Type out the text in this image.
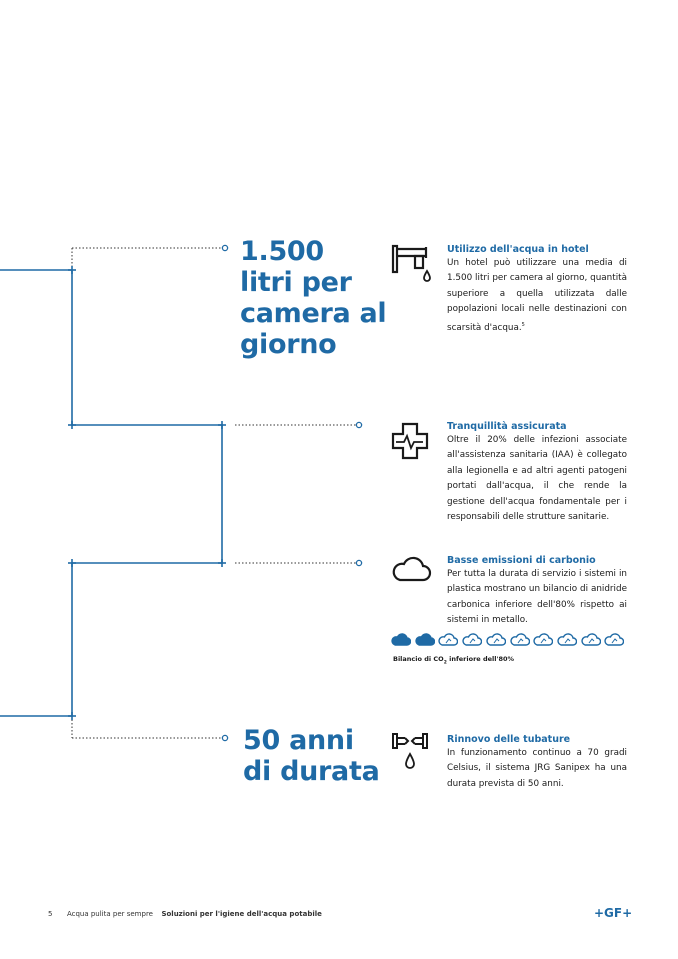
1.500
litri per
camera al
giorno
50 anni
di durata
Utilizzo dell'acqua in hotel
Un hotel può utilizzare una media di 1.500 litri per camera al giorno, quantità superiore a quella utilizzata dalle popolazioni locali nelle destinazioni con scarsità d'acqua.$^5$
Tranquillità assicurata
Oltre il 20% delle infezioni associate all'assistenza sanitaria (IAA) è collegato alla legionella e ad altri agenti patogeni portati dall'acqua, il che rende la gestione dell'acqua fondamentale per i responsabili delle strutture sanitarie.
Basse emissioni di carbonio
Per tutta la durata di servizio i sistemi in plastica mostrano un bilancio di anidride carbonica inferiore dell'80% rispetto ai sistemi in metallo.
Bilancio di $CO_2$ inferiore dell'80%
Rinnovo delle tubature
In funzionamento continuo a 70 gradi Celsius, il sistema JRG Sanipex ha una durata prevista di 50 anni.
5 Acqua pulita per sempre Soluzioni per l'igiene dell'acqua potabile	+GF+
